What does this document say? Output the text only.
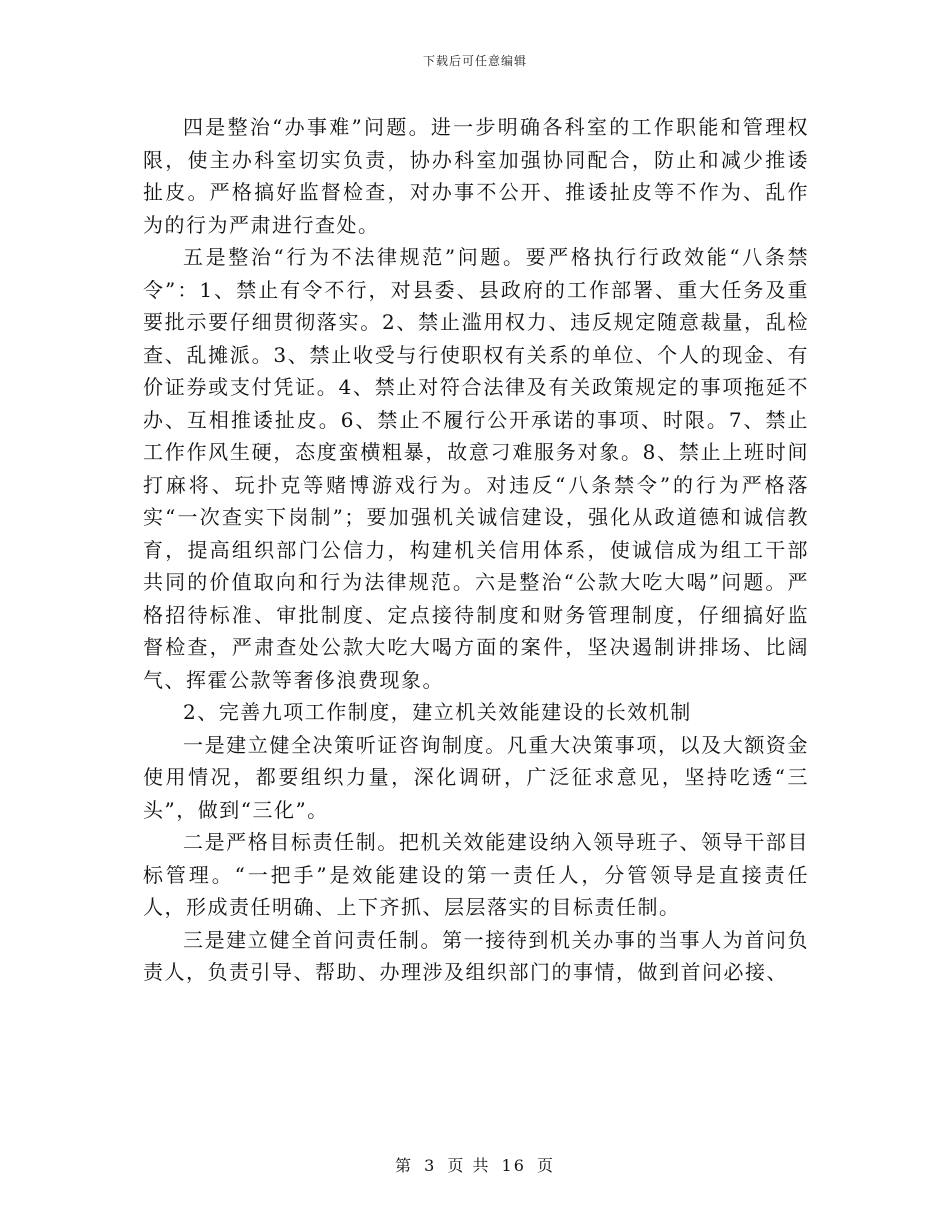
下载后可任意编辑

四是整治“办事难”问题。进一步明确各科室的工作职能和管理权限，使主办科室切实负责，协办科室加强协同配合，防止和减少推诿扯皮。严格搞好监督检查，对办事不公开、推诿扯皮等不作为、乱作为的行为严肃进行查处。

五是整治“行为不法律规范”问题。要严格执行行政效能“八条禁令”：1、禁止有令不行，对县委、县政府的工作部署、重大任务及重要批示要仔细贯彻落实。2、禁止滥用权力、违反规定随意裁量，乱检查、乱摊派。3、禁止收受与行使职权有关系的单位、个人的现金、有价证券或支付凭证。4、禁止对符合法律及有关政策规定的事项拖延不办、互相推诿扯皮。6、禁止不履行公开承诺的事项、时限。7、禁止工作作风生硬，态度蛮横粗暴，故意刁难服务对象。8、禁止上班时间打麻将、玩扑克等赌博游戏行为。对违反“八条禁令”的行为严格落实“一次查实下岗制”；要加强机关诚信建设，强化从政道德和诚信教育，提高组织部门公信力，构建机关信用体系，使诚信成为组工干部共同的价值取向和行为法律规范。六是整治“公款大吃大喝”问题。严格招待标准、审批制度、定点接待制度和财务管理制度，仔细搞好监督检查，严肃查处公款大吃大喝方面的案件，坚决遏制讲排场、比阔气、挥霍公款等奢侈浪费现象。

2、完善九项工作制度，建立机关效能建设的长效机制

一是建立健全决策听证咨询制度。凡重大决策事项，以及大额资金使用情况，都要组织力量，深化调研，广泛征求意见，坚持吃透“三头”，做到“三化”。

二是严格目标责任制。把机关效能建设纳入领导班子、领导干部目标管理。“一把手”是效能建设的第一责任人，分管领导是直接责任人，形成责任明确、上下齐抓、层层落实的目标责任制。

三是建立健全首问责任制。第一接待到机关办事的当事人为首问负责人，负责引导、帮助、办理涉及组织部门的事情，做到首问必接、

第 3 页 共 16 页
